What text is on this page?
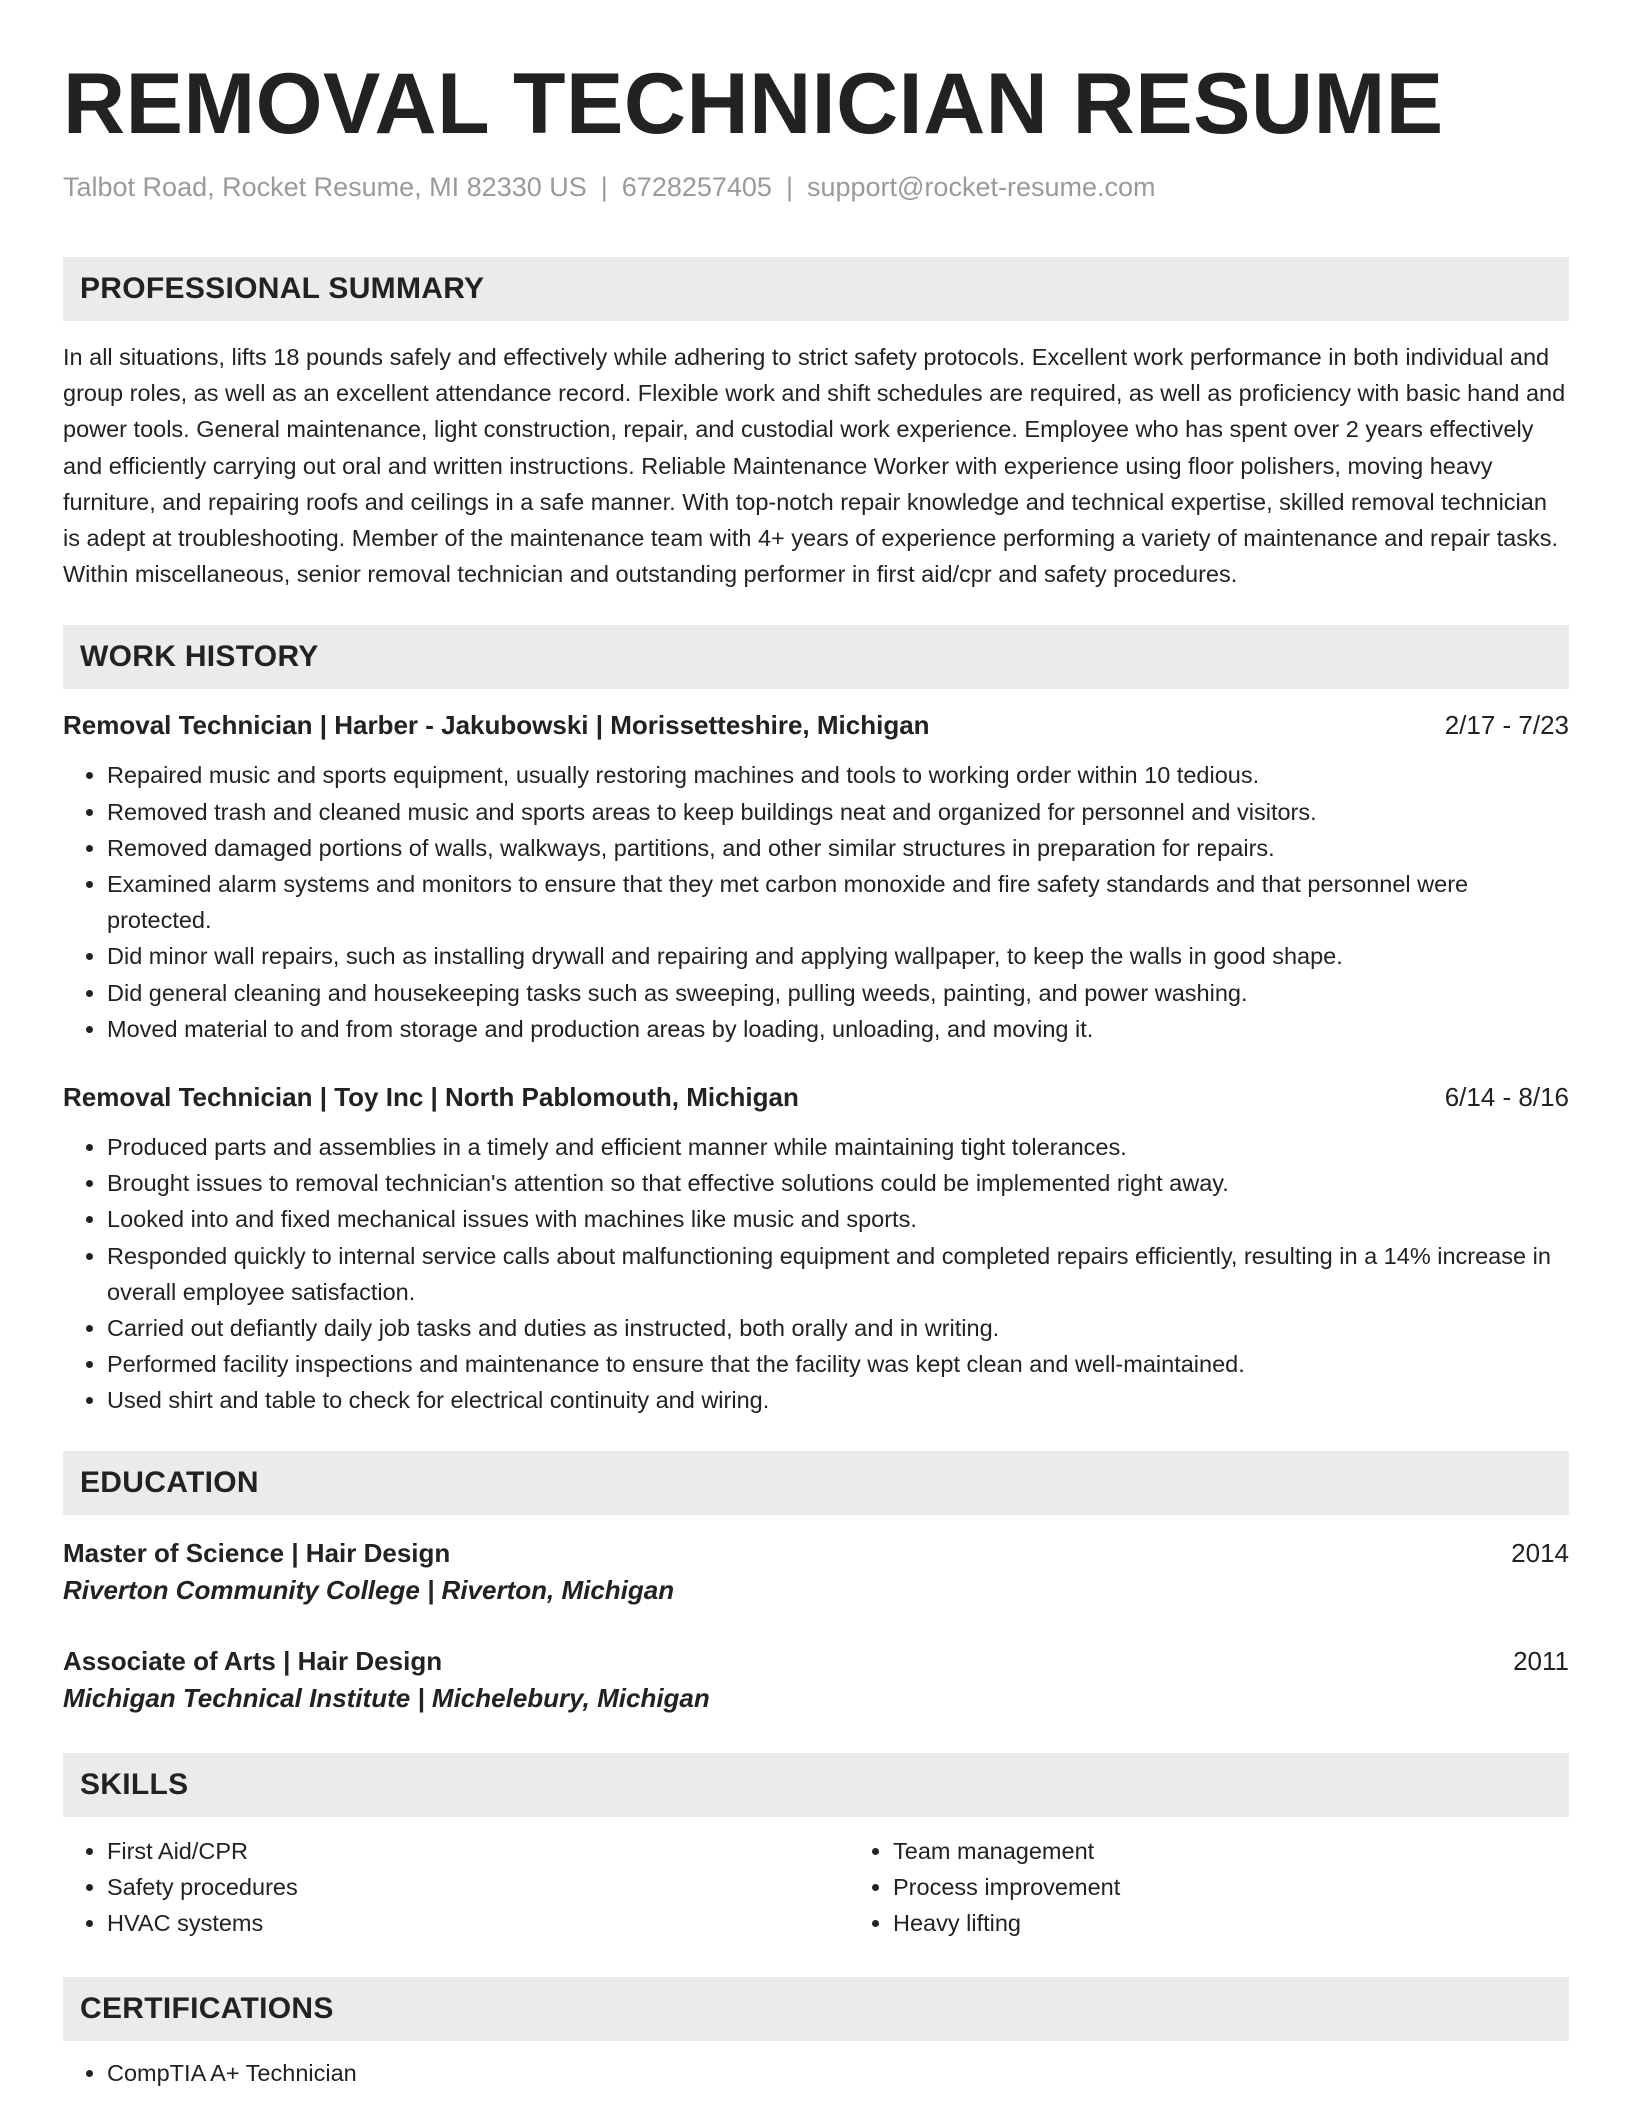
REMOVAL TECHNICIAN RESUME
Talbot Road, Rocket Resume, MI 82330 US | 6728257405 | support@rocket-resume.com
PROFESSIONAL SUMMARY

In all situations, lifts 18 pounds safely and effectively while adhering to strict safety protocols. Excellent work performance in both individual and group roles, as well as an excellent attendance record. Flexible work and shift schedules are required, as well as proficiency with basic hand and power tools. General maintenance, light construction, repair, and custodial work experience. Employee who has spent over 2 years effectively and efficiently carrying out oral and written instructions. Reliable Maintenance Worker with experience using floor polishers, moving heavy furniture, and repairing roofs and ceilings in a safe manner. With top-notch repair knowledge and technical expertise, skilled removal technician is adept at troubleshooting. Member of the maintenance team with 4+ years of experience performing a variety of maintenance and repair tasks. Within miscellaneous, senior removal technician and outstanding performer in first aid/cpr and safety procedures.

WORK HISTORY
Removal Technician | Harber - Jakubowski | Morissetteshire, Michigan	2/17 - 7/23
• Repaired music and sports equipment, usually restoring machines and tools to working order within 10 tedious.
• Removed trash and cleaned music and sports areas to keep buildings neat and organized for personnel and visitors.
• Removed damaged portions of walls, walkways, partitions, and other similar structures in preparation for repairs.
• Examined alarm systems and monitors to ensure that they met carbon monoxide and fire safety standards and that personnel were protected.
• Did minor wall repairs, such as installing drywall and repairing and applying wallpaper, to keep the walls in good shape.
• Did general cleaning and housekeeping tasks such as sweeping, pulling weeds, painting, and power washing.
• Moved material to and from storage and production areas by loading, unloading, and moving it.
Removal Technician | Toy Inc | North Pablomouth, Michigan	6/14 - 8/16
• Produced parts and assemblies in a timely and efficient manner while maintaining tight tolerances.
• Brought issues to removal technician's attention so that effective solutions could be implemented right away.
• Looked into and fixed mechanical issues with machines like music and sports.
• Responded quickly to internal service calls about malfunctioning equipment and completed repairs efficiently, resulting in a 14% increase in overall employee satisfaction.
• Carried out defiantly daily job tasks and duties as instructed, both orally and in writing.
• Performed facility inspections and maintenance to ensure that the facility was kept clean and well-maintained.
• Used shirt and table to check for electrical continuity and wiring.
EDUCATION
Master of Science | Hair Design	2014
Riverton Community College | Riverton, Michigan
Associate of Arts | Hair Design	2011
Michigan Technical Institute | Michelebury, Michigan
SKILLS
• First Aid/CPR
• Safety procedures
• HVAC systems
• Team management
• Process improvement
• Heavy lifting
CERTIFICATIONS
• CompTIA A+ Technician
